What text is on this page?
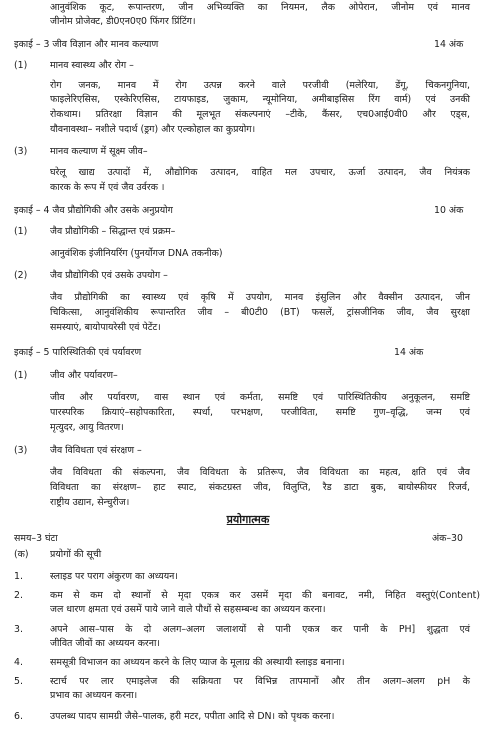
आनुवंशिक कूट, रूपान्तरण, जीन अभिव्यक्ति का नियमन, लैक ओपेरान, जीनोम एवं मानव
जीनोम प्रोजेक्ट, डी0एन0ए0 फिंगर प्रिंटिंग।
इकाई – 3 जीव विज्ञान और मानव कल्याण	14 अंक
(1) मानव स्वास्थ्य और रोग –
रोग जनक, मानव में रोग उत्पन्न करने वाले परजीवी (मलेरिया, डेंगू, चिकनगुनिया,
फाइलेरिएसिस, एस्केरिएसिस, टायफाइड, जुकाम, न्यूमोनिया, अमीबाइसिस रिंग वार्म) एवं उनकी
रोकथाम। प्रतिरक्षा विज्ञान की मूलभूत संकल्पनाएं –टीके, कैंसर, एच0आई0वी0 और एड्स,
यौवनावस्था– नशीले पदार्थ (ड्रग) और एल्कोहाल का कुप्रयोग।
(3) मानव कल्याण में सूक्ष्म जीव–
घरेलू खाद्य उत्पादों में, औद्योगिक उत्पादन, वाहित मल उपचार, ऊर्जा उत्पादन, जैव नियंत्रक
कारक के रूप में एवं जैव उर्वरक ।
इकाई – 4 जैव प्रौद्योगिकी और उसके अनुप्रयोग	10 अंक
(1) जैव प्रौद्योगिकी – सिद्धान्त एवं प्रक्रम–
आनुवंशिक इंजीनियरिंग (पुनर्योगज DNA तकनीक)
(2) जैव प्रौद्योगिकी एवं उसके उपयोग –
जैव प्रौद्योगिकी का स्वास्थ्य एवं कृषि में उपयोग, मानव इंसुलिन और वैक्सीन उत्पादन, जीन
चिकित्सा, आनुवंशिकीय रूपान्तरित जीव – बी0टी0 (BT) फसलें, ट्रांसजीनिक जीव, जैव सुरक्षा
समस्याएं, बायोपायरेसी एवं पेटेंट।
इकाई – 5 पारिस्थितिकी एवं पर्यावरण	14 अंक
(1) जीव और पर्यावरण–
जीव और पर्यावरण, वास स्थान एवं कर्मता, समष्टि एवं पारिस्थितिकीय अनुकूलन, समष्टि
पारस्परिक क्रियाएं–सहोपकारिता, स्पर्धा, परभक्षण, परजीविता, समष्टि गुण–वृद्धि, जन्म एवं
मृत्युदर, आयु वितरण।
(3) जैव विविधता एवं संरक्षण –
जैव विविधता की संकल्पना, जैव विविधता के प्रतिरूप, जैव विविधता का महत्व, क्षति एवं जैव
विविधता का संरक्षण– हाट स्पाट, संकटग्रस्त जीव, विलुप्ति, रैड डाटा बुक, बायोस्फीयर रिजर्व,
राष्ट्रीय उद्यान, सेन्चुरीज।
प्रयोगात्मक
समय–3 घंटा	अंक–30
(क) प्रयोगों की सूची
1.	स्लाइड पर पराग अंकुरण का अध्ययन।
2.	कम से कम दो स्थानों से मृदा एकत्र कर उसमें मृदा की बनावट, नमी, निहित वस्तुएं(Content)
जल धारण क्षमता एवं उसमें पाये जाने वाले पौधों से सहसम्बन्ध का अध्ययन करना।
3.	अपने आस–पास के दो अलग–अलग जलाशयों से पानी एकत्र कर पानी के PH] शुद्धता एवं
जीवित जीवों का अध्ययन करना।
4.	समसूत्री विभाजन का अध्ययन करने के लिए प्याज के मूलाग्र की अस्थायी स्लाइड बनाना।
5.	स्टार्च पर लार एमाइलेज की सक्रियता पर विभिन्न तापमानों और तीन अलग–अलग pH के
प्रभाव का अध्ययन करना।
6.	उपलब्ध पादप सामग्री जैसे–पालक, हरी मटर, पपीता आदि से DN। को पृथक करना।
